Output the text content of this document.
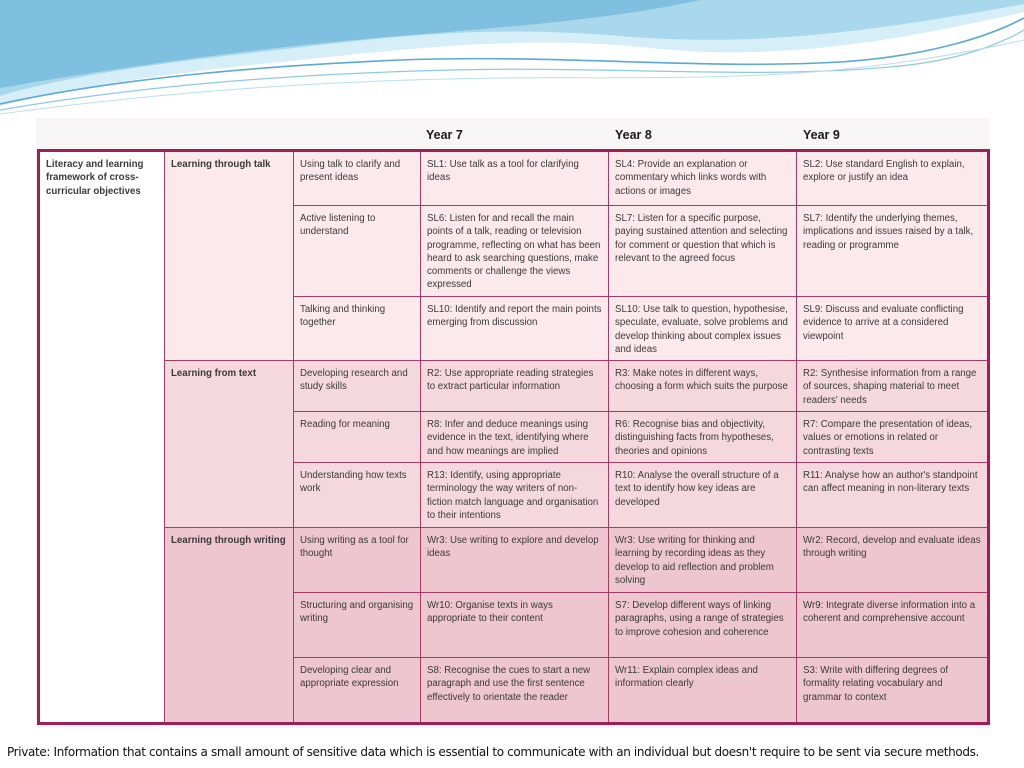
Year 7	Year 8	Year 9
Literacy and learning framework of cross-curricular objectives	Learning through talk	Using talk to clarify and present ideas	SL1: Use talk as a tool for clarifying ideas	SL4: Provide an explanation or commentary which links words with actions or images	SL2: Use standard English to explain, explore or justify an idea
		Active listening to understand	SL6: Listen for and recall the main points of a talk, reading or television programme, reflecting on what has been heard to ask searching questions, make comments or challenge the views expressed	SL7: Listen for a specific purpose, paying sustained attention and selecting for comment or question that which is relevant to the agreed focus	SL7: Identify the underlying themes, implications and issues raised by a talk, reading or programme
		Talking and thinking together	SL10: Identify and report the main points emerging from discussion	SL10: Use talk to question, hypothesise, speculate, evaluate, solve problems and develop thinking about complex issues and ideas	SL9: Discuss and evaluate conflicting evidence to arrive at a considered viewpoint
	Learning from text	Developing research and study skills	R2: Use appropriate reading strategies to extract particular information	R3: Make notes in different ways, choosing a form which suits the purpose	R2: Synthesise information from a range of sources, shaping material to meet readers' needs
		Reading for meaning	R8: Infer and deduce meanings using evidence in the text, identifying where and how meanings are implied	R6: Recognise bias and objectivity, distinguishing facts from hypotheses, theories and opinions	R7: Compare the presentation of ideas, values or emotions in related or contrasting texts
		Understanding how texts work	R13: Identify, using appropriate terminology the way writers of non-fiction match language and organisation to their intentions	R10: Analyse the overall structure of a text to identify how key ideas are developed	R11: Analyse how an author's standpoint can affect meaning in non-literary texts
	Learning through writing	Using writing as a tool for thought	Wr3: Use writing to explore and develop ideas	Wr3: Use writing for thinking and learning by recording ideas as they develop to aid reflection and problem solving	Wr2: Record, develop and evaluate ideas through writing
		Structuring and organising writing	Wr10: Organise texts in ways appropriate to their content	S7: Develop different ways of linking paragraphs, using a range of strategies to improve cohesion and coherence	Wr9: Integrate diverse information into a coherent and comprehensive account
		Developing clear and appropriate expression	S8: Recognise the cues to start a new paragraph and use the first sentence effectively to orientate the reader	Wr11: Explain complex ideas and information clearly	S3: Write with differing degrees of formality relating vocabulary and grammar to context
Private: Information that contains a small amount of sensitive data which is essential to communicate with an individual but doesn't require to be sent via secure methods.
